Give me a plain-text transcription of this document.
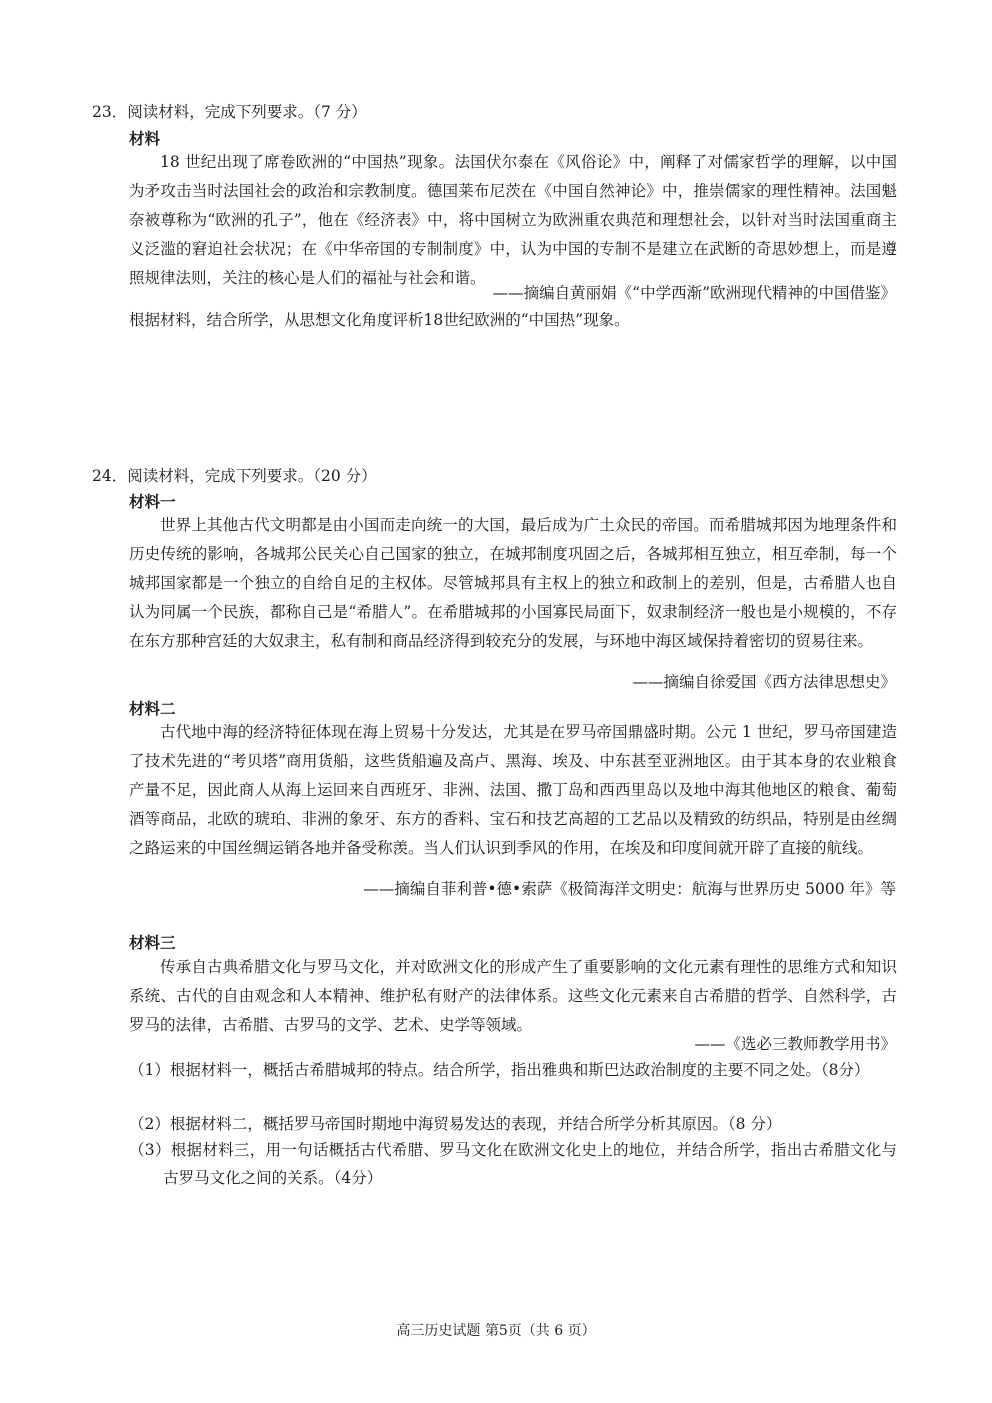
23．阅读材料，完成下列要求。（7 分）
材料
18 世纪出现了席卷欧洲的“中国热”现象。法国伏尔泰在《风俗论》中，阐释了对儒家哲学的理解，以中国为矛攻击当时法国社会的政治和宗教制度。德国莱布尼茨在《中国自然神论》中，推崇儒家的理性精神。法国魁奈被尊称为“欧洲的孔子”，他在《经济表》中，将中国树立为欧洲重农典范和理想社会，以针对当时法国重商主义泛滥的窘迫社会状况；在《中华帝国的专制制度》中，认为中国的专制不是建立在武断的奇思妙想上，而是遵照规律法则，关注的核心是人们的福祉与社会和谐。
——摘编自黄丽娟《“中学西渐”欧洲现代精神的中国借鉴》
根据材料，结合所学，从思想文化角度评析18世纪欧洲的“中国热”现象。
24．阅读材料，完成下列要求。（20 分）
材料一
世界上其他古代文明都是由小国而走向统一的大国，最后成为广土众民的帝国。而希腊城邦因为地理条件和历史传统的影响，各城邦公民关心自己国家的独立，在城邦制度巩固之后，各城邦相互独立，相互牵制，每一个城邦国家都是一个独立的自给自足的主权体。尽管城邦具有主权上的独立和政制上的差别，但是，古希腊人也自认为同属一个民族，都称自己是“希腊人”。在希腊城邦的小国寡民局面下，奴隶制经济一般也是小规模的，不存在东方那种宫廷的大奴隶主，私有制和商品经济得到较充分的发展，与环地中海区域保持着密切的贸易往来。
——摘编自徐爱国《西方法律思想史》
材料二
古代地中海的经济特征体现在海上贸易十分发达，尤其是在罗马帝国鼎盛时期。公元 1 世纪，罗马帝国建造了技术先进的“考贝塔”商用货船，这些货船遍及高卢、黑海、埃及、中东甚至亚洲地区。由于其本身的农业粮食产量不足，因此商人从海上运回来自西班牙、非洲、法国、撒丁岛和西西里岛以及地中海其他地区的粮食、葡萄酒等商品，北欧的琥珀、非洲的象牙、东方的香料、宝石和技艺高超的工艺品以及精致的纺织品，特别是由丝绸之路运来的中国丝绸运销各地并备受称羡。当人们认识到季风的作用，在埃及和印度间就开辟了直接的航线。
——摘编自菲利普•德•索萨《极简海洋文明史：航海与世界历史 5000 年》等
材料三
传承自古典希腊文化与罗马文化，并对欧洲文化的形成产生了重要影响的文化元素有理性的思维方式和知识系统、古代的自由观念和人本精神、维护私有财产的法律体系。这些文化元素来自古希腊的哲学、自然科学，古罗马的法律，古希腊、古罗马的文学、艺术、史学等领域。
——《选必三教师教学用书》
（1）根据材料一，概括古希腊城邦的特点。结合所学，指出雅典和斯巴达政治制度的主要不同之处。（8分）
（2）根据材料二，概括罗马帝国时期地中海贸易发达的表现，并结合所学分析其原因。（8 分）
（3）根据材料三，用一句话概括古代希腊、罗马文化在欧洲文化史上的地位，并结合所学，指出古希腊文化与古罗马文化之间的关系。（4分）
高三历史试题 第5页（共 6 页）
